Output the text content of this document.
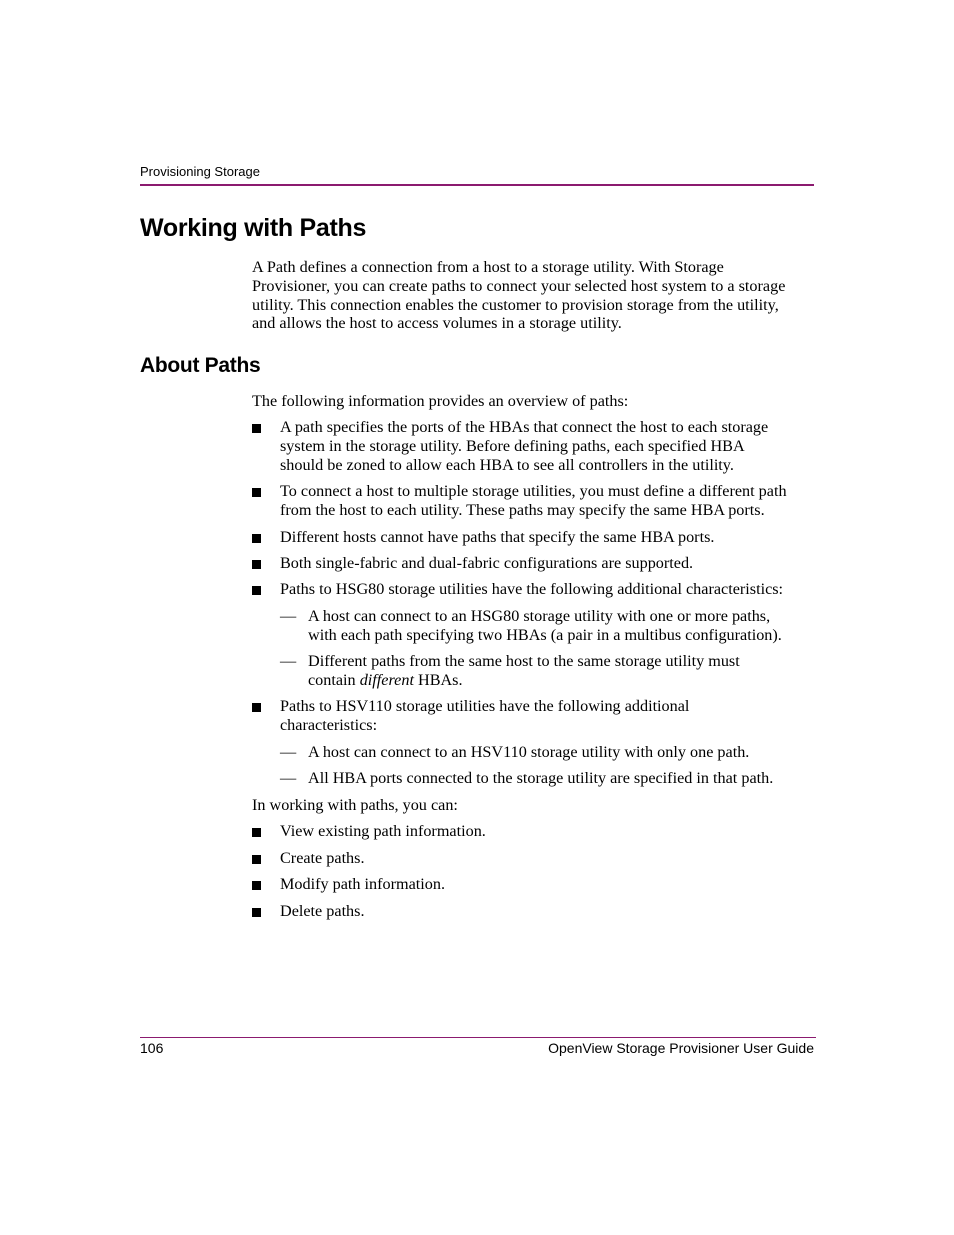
Provisioning Storage
Working with Paths

A Path defines a connection from a host to a storage utility. With Storage
Provisioner, you can create paths to connect your selected host system to a storage
utility. This connection enables the customer to provision storage from the utility,
and allows the host to access volumes in a storage utility.

About Paths

The following information provides an overview of paths:

A path specifies the ports of the HBAs that connect the host to each storage
system in the storage utility. Before defining paths, each specified HBA
should be zoned to allow each HBA to see all controllers in the utility.
To connect a host to multiple storage utilities, you must define a different path
from the host to each utility. These paths may specify the same HBA ports.
Different hosts cannot have paths that specify the same HBA ports.
Both single-fabric and dual-fabric configurations are supported.
Paths to HSG80 storage utilities have the following additional characteristics:
— A host can connect to an HSG80 storage utility with one or more paths,
with each path specifying two HBAs (a pair in a multibus configuration).
— Different paths from the same host to the same storage utility must
contain different HBAs.
Paths to HSV110 storage utilities have the following additional
characteristics:
— A host can connect to an HSV110 storage utility with only one path.
— All HBA ports connected to the storage utility are specified in that path.

In working with paths, you can:

View existing path information.
Create paths.
Modify path information.
Delete paths.
106	OpenView Storage Provisioner User Guide
